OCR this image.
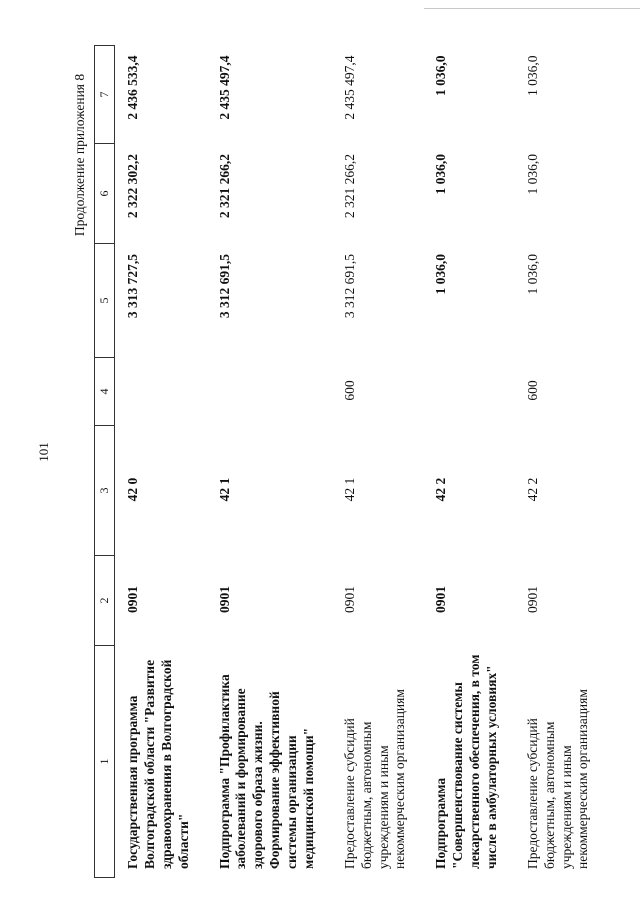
101
Продолжение приложения 8
1	2	3	4	5	6	7
Государственная программа Волгоградской области "Развитие здравоохранения в Волгоградской области"	0901	42 0		3 313 727,5	2 322 302,2	2 436 533,4
Подпрограмма "Профилактика заболеваний и формирование здорового образа жизни. Формирование эффективной системы организации медицинской помощи"	0901	42 1		3 312 691,5	2 321 266,2	2 435 497,4
Предоставление субсидий бюджетным, автономным учреждениям и иным некоммерческим организациям	0901	42 1	600	3 312 691,5	2 321 266,2	2 435 497,4
Подпрограмма "Совершенствование системы лекарственного обеспечения, в том числе в амбулаторных условиях"	0901	42 2		1 036,0	1 036,0	1 036,0
Предоставление субсидий бюджетным, автономным учреждениям и иным некоммерческим организациям	0901	42 2	600	1 036,0	1 036,0	1 036,0
